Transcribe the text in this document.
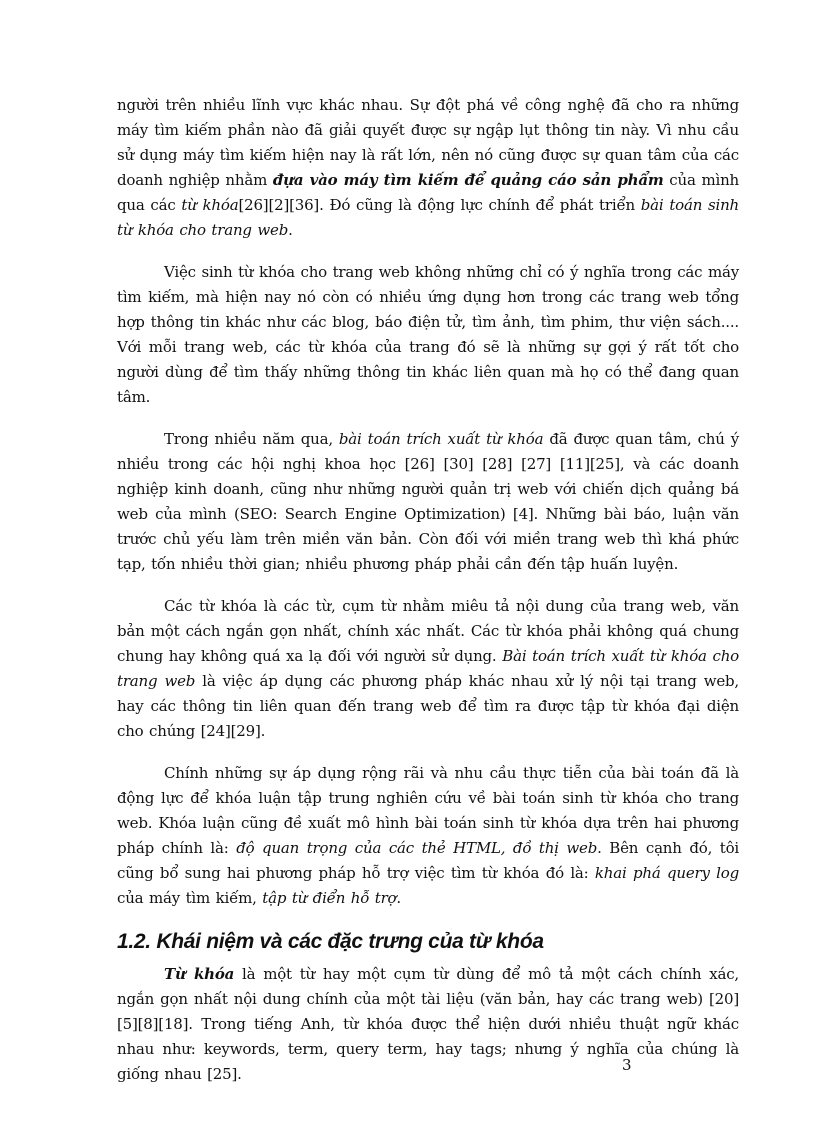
người trên nhiều lĩnh vực khác nhau. Sự đột phá về công nghệ đã cho ra những máy tìm kiếm phần nào đã giải quyết được sự ngập lụt thông tin này. Vì nhu cầu sử dụng máy tìm kiếm hiện nay là rất lớn, nên nó cũng được sự quan tâm của các doanh nghiệp nhằm đựa vào máy tìm kiếm để quảng cáo sản phẩm của mình qua các từ khóa[26][2][36]. Đó cũng là động lực chính để phát triển bài toán sinh từ khóa cho trang web.

Việc sinh từ khóa cho trang web không những chỉ có ý nghĩa trong các máy tìm kiếm, mà hiện nay nó còn có nhiều ứng dụng hơn trong các trang web tổng hợp thông tin khác như các blog, báo điện tử, tìm ảnh, tìm phim, thư viện sách.... Với mỗi trang web, các từ khóa của trang đó sẽ là những sự gợi ý rất tốt cho người dùng để tìm thấy những thông tin khác liên quan mà họ có thể đang quan tâm.

Trong nhiều năm qua, bài toán trích xuất từ khóa đã được quan tâm, chú ý nhiều trong các hội nghị khoa học [26] [30] [28] [27] [11][25], và các doanh nghiệp kinh doanh, cũng như những người quản trị web với chiến dịch quảng bá web của mình (SEO: Search Engine Optimization) [4]. Những bài báo, luận văn trước chủ yếu làm trên miền văn bản. Còn đối với miền trang web thì khá phức tạp, tốn nhiều thời gian; nhiều phương pháp phải cần đến tập huấn luyện.

Các từ khóa là các từ, cụm từ nhằm miêu tả nội dung của trang web, văn bản một cách ngắn gọn nhất, chính xác nhất. Các từ khóa phải không quá chung chung hay không quá xa lạ đối với người sử dụng. Bài toán trích xuất từ khóa cho trang web là việc áp dụng các phương pháp khác nhau xử lý nội tại trang web, hay các thông tin liên quan đến trang web để tìm ra được tập từ khóa đại diện cho chúng [24][29].

Chính những sự áp dụng rộng rãi và nhu cầu thực tiễn của bài toán đã là động lực để khóa luận tập trung nghiên cứu về bài toán sinh từ khóa cho trang web. Khóa luận cũng đề xuất mô hình bài toán sinh từ khóa dựa trên hai phương pháp chính là: độ quan trọng của các thẻ HTML, đồ thị web. Bên cạnh đó, tôi cũng bổ sung hai phương pháp hỗ trợ việc tìm từ khóa đó là: khai phá query log của máy tìm kiếm, tập từ điển hỗ trợ.

1.2. Khái niệm và các đặc trưng của từ khóa

Từ khóa là một từ hay một cụm từ dùng để mô tả một cách chính xác, ngắn gọn nhất nội dung chính của một tài liệu (văn bản, hay các trang web) [20][5][8][18]. Trong tiếng Anh, từ khóa được thể hiện dưới nhiều thuật ngữ khác nhau như: keywords, term, query term, hay tags; nhưng ý nghĩa của chúng là giống nhau [25].	3
